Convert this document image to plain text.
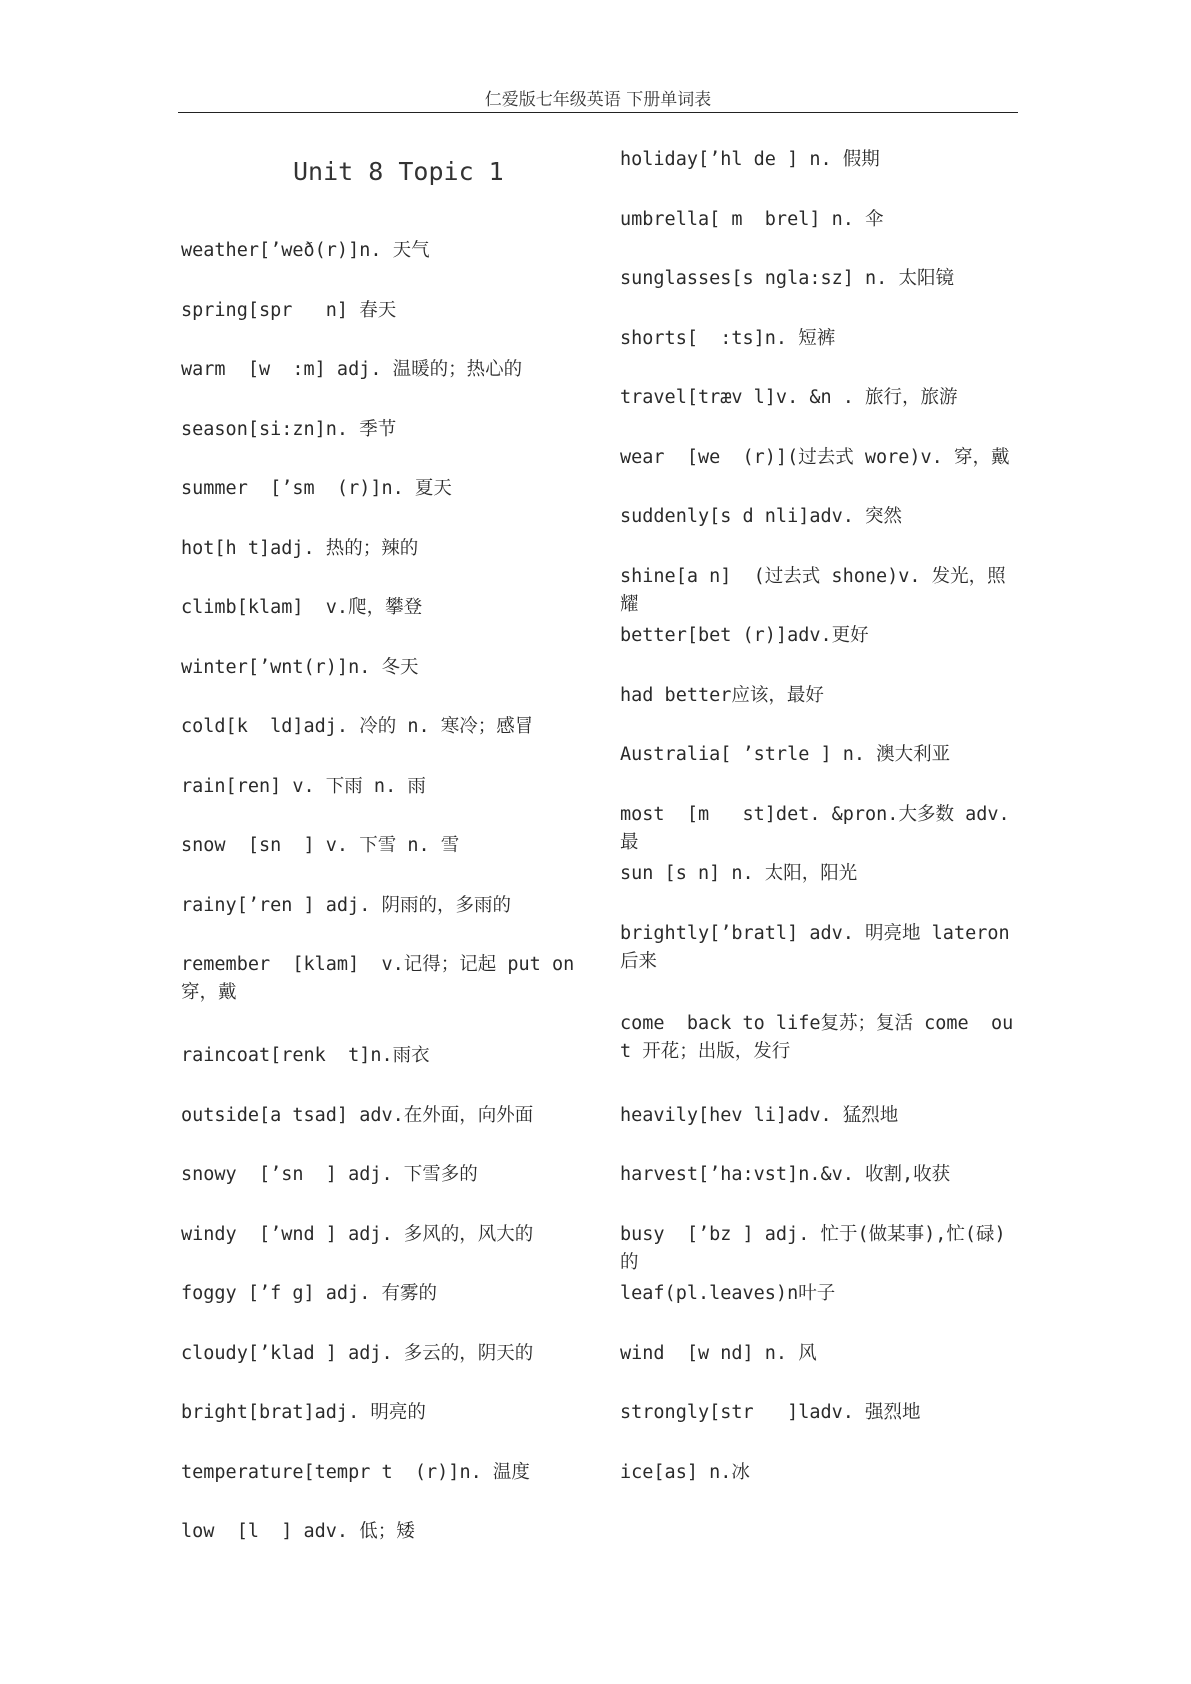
仁爱版七年级英语 下册单词表
Unit 8 Topic 1
weather[’weð(r)]n. 天气
spring[spr   n] 春天
warm  [w  :m] adj. 温暖的；热心的
season[si:zn]n. 季节
summer  [’sm  (r)]n. 夏天
hot[h t]adj. 热的；辣的
climb[klam]  v.爬，攀登
winter[’wnt(r)]n. 冬天
cold[k  ld]adj. 冷的 n. 寒冷；感冒
rain[ren] v. 下雨 n. 雨
snow  [sn  ] v. 下雪 n. 雪
rainy[’ren ] adj. 阴雨的，多雨的
remember  [klam]  v.记得；记起 put on 穿，戴
raincoat[renk  t]n.雨衣
outside[a tsad] adv.在外面，向外面
snowy  [’sn  ] adj. 下雪多的
windy  [’wnd ] adj. 多风的，风大的
foggy [’f g] adj. 有雾的
cloudy[’klad ] adj. 多云的，阴天的
bright[brat]adj. 明亮的
temperature[tempr t  (r)]n. 温度
low  [l  ] adv. 低；矮
holiday[’hl de ] n. 假期
umbrella[ m  brel] n. 伞
sunglasses[s ngla:sz] n. 太阳镜
shorts[  :ts]n. 短裤
travel[træv l]v. &n . 旅行，旅游
wear  [we  (r)](过去式 wore)v. 穿，戴
suddenly[s d nli]adv. 突然
shine[a n]  (过去式 shone)v. 发光，照耀
better[bet (r)]adv.更好
had better应该，最好
Australia[ ’strle ] n. 澳大利亚
most  [m   st]det. &pron.大多数 adv.最
sun [s n] n. 太阳，阳光
brightly[’bratl] adv. 明亮地 lateron 后来
come  back to life复苏；复活 come  out 开花；出版，发行
heavily[hev li]adv. 猛烈地
harvest[’ha:vst]n.&v. 收割,收获
busy  [’bz ] adj. 忙于(做某事),忙(碌)的
leaf(pl.leaves)n叶子
wind  [w nd] n. 风
strongly[str   ]ladv. 强烈地
ice[as] n.冰
